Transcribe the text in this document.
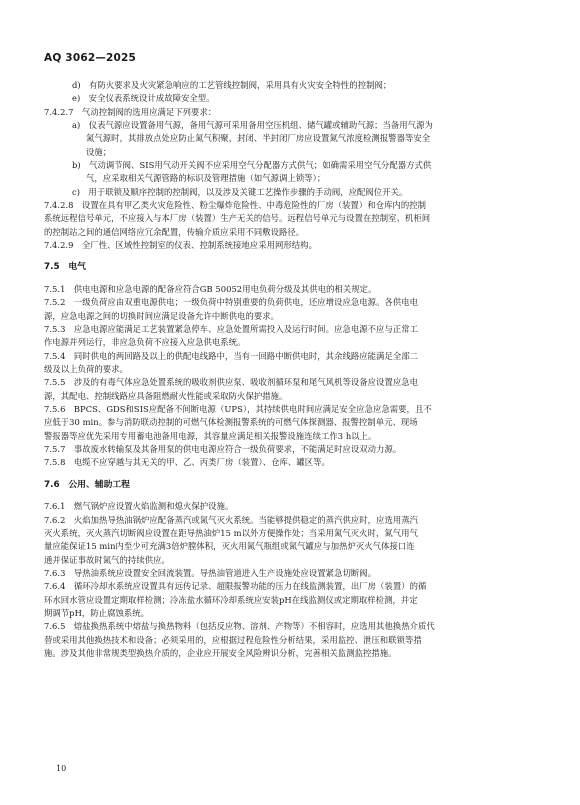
AQ 3062—2025
d)　有防火要求及火灾紧急响应的工艺管线控制阀，采用具有火灾安全特性的控制阀；
e)　安全仪表系统设计成故障安全型。
7.4.2.7　气动控制阀的选用应满足下列要求：
a)　仪表气源应设置备用气源，备用气源可采用备用空压机组、储气罐或辅助气源；当备用气源为
氮气源时，其排放点处应防止氮气积聚，封闭、半封闭厂房应设置氮气浓度检测报警器等安全
设施；
b)　气动调节阀、SIS用气动开关阀不应采用空气分配器方式供气；如确需采用空气分配器方式供
气，应采取相关气源管路的标识及管理措施（如气源调上锁等）；
c)　用于联锁及顺序控制的控制阀，以及涉及关键工艺操作步骤的手动阀，应配阀位开关。
7.4.2.8　设置在具有甲乙类火灾危险性、粉尘爆炸危险性、中毒危险性的厂房（装置）和仓库内的控制
系统远程信号单元，不应接入与本厂房（装置）生产无关的信号。远程信号单元与设置在控制室、机柜间
的控制站之间的通信网络应冗余配置，传输介质应采用不同敷设路径。
7.4.2.9　全厂性、区域性控制室的仪表、控制系统接地应采用网形结构。
7.5　电气
7.5.1　供电电源和应急电源的配备应符合GB 50052用电负荷分级及其供电的相关规定。
7.5.2　一级负荷应由双重电源供电；一级负荷中特别重要的负荷供电，还应增设应急电源。各供电电
源，应急电源之间的切换时间应满足设备允许中断供电的要求。
7.5.3　应急电源应能满足工艺装置紧急停车、应急处置所需投入及运行时间。应急电源不应与正常工
作电源并列运行，非应急负荷不应接入应急供电系统。
7.5.4　同时供电的两回路及以上的供配电线路中，当有一回路中断供电时，其余线路应能满足全部二
级及以上负荷的要求。
7.5.5　涉及的有毒气体应急处置系统的吸收剂供应泵、吸收剂循环泵和尾气风机等设备应设置应急电
源，其配电、控制线路应具备阻燃耐火性能或采取防火保护措施。
7.5.6　BPCS、GDS和SIS应配备不间断电源（UPS），其持续供电时间应满足安全应急应急需要，且不
应低于30 min。参与消防联动控制的可燃气体检测报警系统的可燃气体探测器、报警控制单元、现场
警报器等应优先采用专用蓄电池备用电源，其容量应满足相关报警设施连续工作3 h以上。
7.5.7　事故废水转输泵及其备用泵的供电电源应符合一级负荷要求，不能满足时应设双动力源。
7.5.8　电缆不应穿越与其无关的甲、乙、丙类厂房（装置）、仓库、罐区等。
7.6　公用、辅助工程
7.6.1　燃气锅炉应设置火焰监测和熄火保护设施。
7.6.2　火焰加热导热油锅炉应配备蒸汽或氮气灭火系统。当能够提供稳定的蒸汽供应时，应选用蒸汽
灭火系统，灭火蒸汽切断阀应设置在距导热油炉15 m以外方便操作处；当采用氮气灭火时，氮气用气
量应能保证15 min内至少可充满3倍炉膛体积，灭火用氮气瓶组或氮气罐应与加热炉灭火气体接口连
通并保证事故时氮气的持续供应。
7.6.3　导热油系统应设置安全回流装置。导热油管道进入生产设施处应设置紧急切断阀。
7.6.4　循环冷却水系统应设置具有远传记录、超限报警功能的压力在线监测装置，出厂房（装置）的循
环水回水管应设置定期取样检测；冷冻盐水循环冷却系统应安装pH在线监测仪或定期取样检测，并定
期调节pH，防止腐蚀系统。
7.6.5　熔盐换热系统中熔盐与换热物料（包括反应物、溶剂、产物等）不相容时，应选用其他换热介质代
替或采用其他换热技术和设备；必须采用的，应根据过程危险性分析结果，采用监控、泄压和联锁等措
施。涉及其他非常规类型换热介质的，企业应开展安全风险辨识分析，完善相关监测监控措施。
10
